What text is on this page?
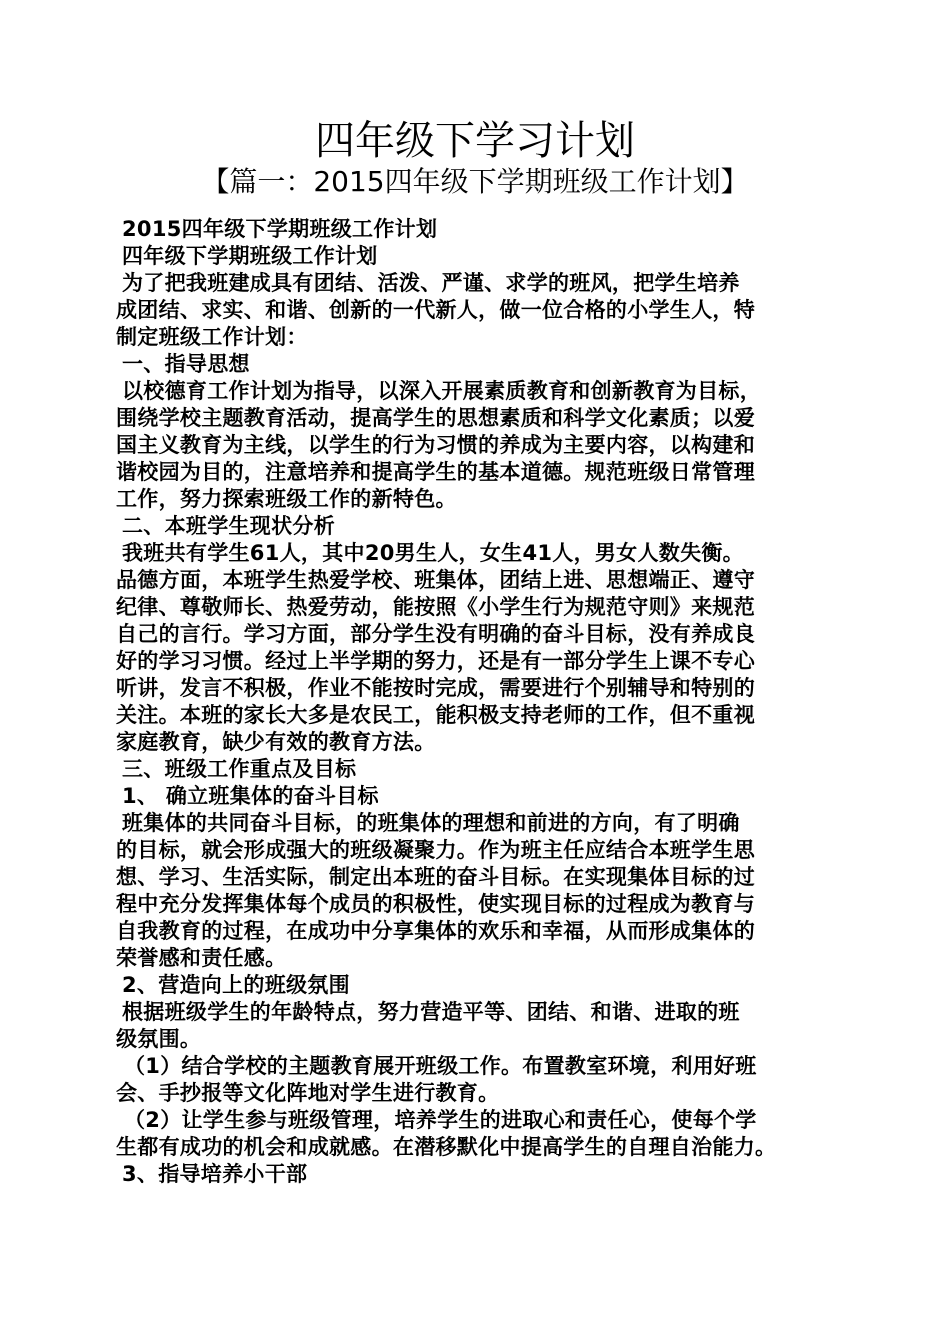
四年级下学习计划
【篇一：2015四年级下学期班级工作计划】
2015四年级下学期班级工作计划
四年级下学期班级工作计划
为了把我班建成具有团结、活泼、严谨、求学的班风，把学生培养
成团结、求实、和谐、创新的一代新人，做一位合格的小学生人，特
制定班级工作计划：
一、指导思想
以校德育工作计划为指导，以深入开展素质教育和创新教育为目标，
围绕学校主题教育活动，提高学生的思想素质和科学文化素质；以爱
国主义教育为主线，以学生的行为习惯的养成为主要内容，以构建和
谐校园为目的，注意培养和提高学生的基本道德。规范班级日常管理
工作，努力探索班级工作的新特色。
二、本班学生现状分析
我班共有学生61人，其中20男生人，女生41人，男女人数失衡。
品德方面，本班学生热爱学校、班集体，团结上进、思想端正、遵守
纪律、尊敬师长、热爱劳动，能按照《小学生行为规范守则》来规范
自己的言行。学习方面，部分学生没有明确的奋斗目标，没有养成良
好的学习习惯。经过上半学期的努力，还是有一部分学生上课不专心
听讲，发言不积极，作业不能按时完成，需要进行个别辅导和特别的
关注。本班的家长大多是农民工，能积极支持老师的工作，但不重视
家庭教育，缺少有效的教育方法。
三、班级工作重点及目标
1、 确立班集体的奋斗目标
班集体的共同奋斗目标，的班集体的理想和前进的方向，有了明确
的目标，就会形成强大的班级凝聚力。作为班主任应结合本班学生思
想、学习、生活实际，制定出本班的奋斗目标。在实现集体目标的过
程中充分发挥集体每个成员的积极性，使实现目标的过程成为教育与
自我教育的过程，在成功中分享集体的欢乐和幸福，从而形成集体的
荣誉感和责任感。
2、营造向上的班级氛围
根据班级学生的年龄特点，努力营造平等、团结、和谐、进取的班
级氛围。
（1）结合学校的主题教育展开班级工作。布置教室环境，利用好班
会、手抄报等文化阵地对学生进行教育。
（2）让学生参与班级管理，培养学生的进取心和责任心，使每个学
生都有成功的机会和成就感。在潜移默化中提高学生的自理自治能力。
3、指导培养小干部
